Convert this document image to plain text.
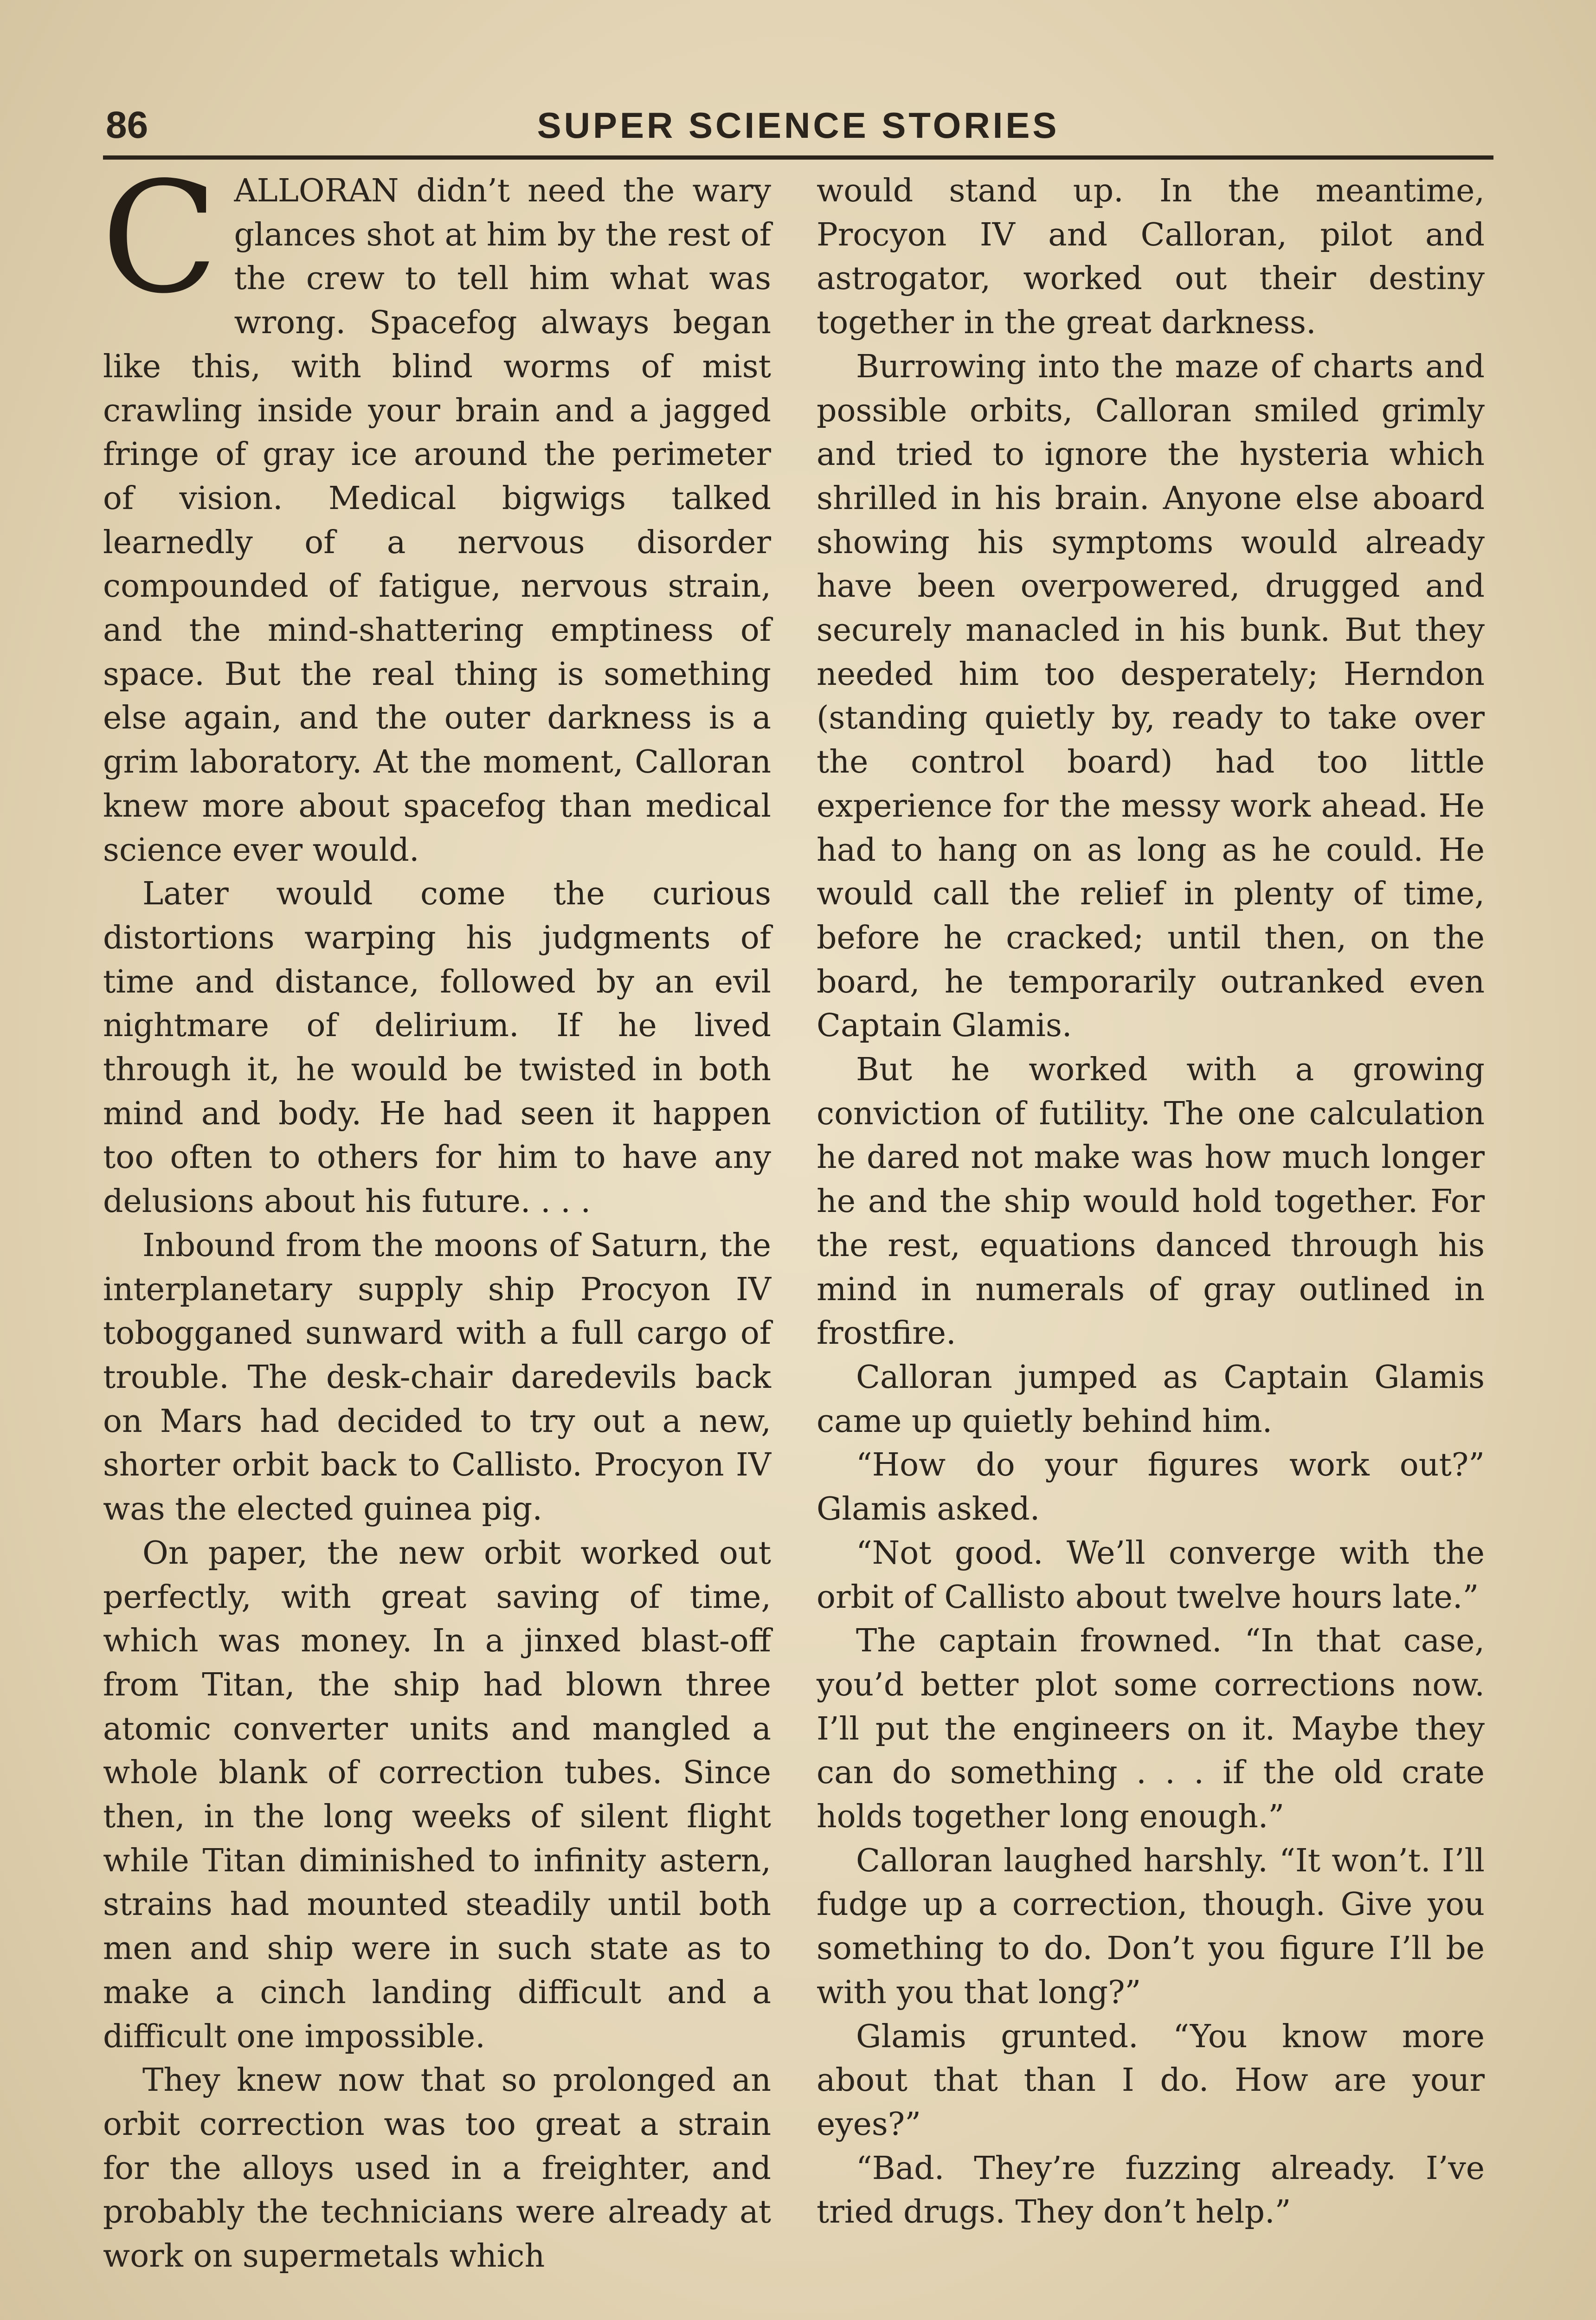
86	SUPER SCIENCE STORIES

CALLORAN didn’t need the wary glances shot at him by the rest of the crew to tell him what was wrong. Spacefog always began like this, with blind worms of mist crawling inside your brain and a jagged fringe of gray ice around the perimeter of vision. Medical bigwigs talked learnedly of a nervous disorder compounded of fatigue, nervous strain, and the mind-shattering emptiness of space. But the real thing is something else again, and the outer darkness is a grim laboratory. At the moment, Calloran knew more about spacefog than medical science ever would.

Later would come the curious distortions warping his judgments of time and distance, followed by an evil nightmare of delirium. If he lived through it, he would be twisted in both mind and body. He had seen it happen too often to others for him to have any delusions about his future. . . .

Inbound from the moons of Saturn, the interplanetary supply ship Procyon IV tobogganed sunward with a full cargo of trouble. The desk-chair daredevils back on Mars had decided to try out a new, shorter orbit back to Callisto. Procyon IV was the elected guinea pig.

On paper, the new orbit worked out perfectly, with great saving of time, which was money. In a jinxed blast-off from Titan, the ship had blown three atomic converter units and mangled a whole blank of correction tubes. Since then, in the long weeks of silent flight while Titan diminished to infinity astern, strains had mounted steadily until both men and ship were in such state as to make a cinch landing difficult and a difficult one impossible.

They knew now that so prolonged an orbit correction was too great a strain for the alloys used in a freighter, and probably the technicians were already at work on supermetals which

would stand up. In the meantime, Procyon IV and Calloran, pilot and astrogator, worked out their destiny together in the great darkness.

Burrowing into the maze of charts and possible orbits, Calloran smiled grimly and tried to ignore the hysteria which shrilled in his brain. Anyone else aboard showing his symptoms would already have been overpowered, drugged and securely manacled in his bunk. But they needed him too desperately; Herndon (standing quietly by, ready to take over the control board) had too little experience for the messy work ahead. He had to hang on as long as he could. He would call the relief in plenty of time, before he cracked; until then, on the board, he temporarily outranked even Captain Glamis.

But he worked with a growing conviction of futility. The one calculation he dared not make was how much longer he and the ship would hold together. For the rest, equations danced through his mind in numerals of gray outlined in frostfire.

Calloran jumped as Captain Glamis came up quietly behind him.

“How do your figures work out?” Glamis asked.

“Not good. We’ll converge with the orbit of Callisto about twelve hours late.”

The captain frowned. “In that case, you’d better plot some corrections now. I’ll put the engineers on it. Maybe they can do something . . . if the old crate holds together long enough.”

Calloran laughed harshly. “It won’t. I’ll fudge up a correction, though. Give you something to do. Don’t you figure I’ll be with you that long?”

Glamis grunted. “You know more about that than I do. How are your eyes?”

“Bad. They’re fuzzing already. I’ve tried drugs. They don’t help.”
